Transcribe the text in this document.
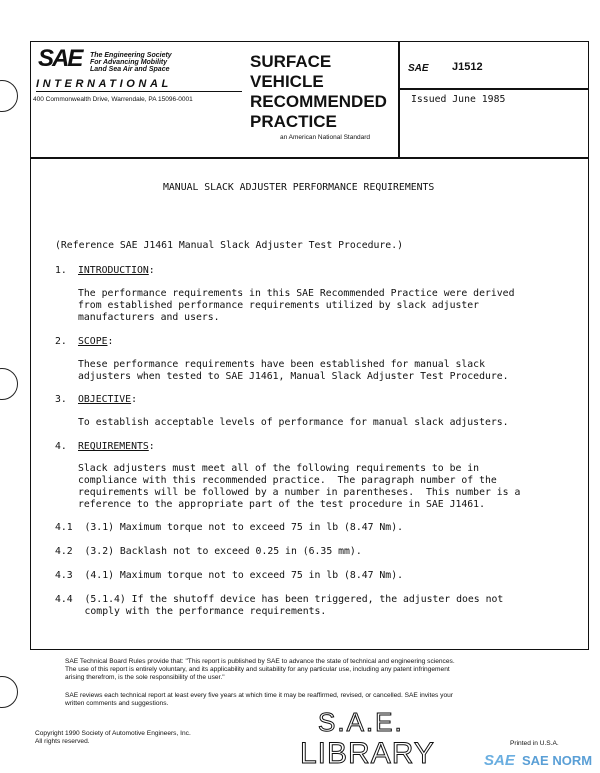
SAE The Engineering Society
For Advancing Mobility
Land Sea Air and Space
INTERNATIONAL
400 Commonwealth Drive, Warrendale, PA 15096-0001
SURFACE
VEHICLE
RECOMMENDED
PRACTICE
an American National Standard
SAE J1512
Issued June 1985
MANUAL SLACK ADJUSTER PERFORMANCE REQUIREMENTS
(Reference SAE J1461 Manual Slack Adjuster Test Procedure.)
1. INTRODUCTION:
The performance requirements in this SAE Recommended Practice were derived
from established performance requirements utilized by slack adjuster
manufacturers and users.
2. SCOPE:
These performance requirements have been established for manual slack
adjusters when tested to SAE J1461, Manual Slack Adjuster Test Procedure.
3. OBJECTIVE:
To establish acceptable levels of performance for manual slack adjusters.
4. REQUIREMENTS:
Slack adjusters must meet all of the following requirements to be in
compliance with this recommended practice.  The paragraph number of the
requirements will be followed by a number in parentheses.  This number is a
reference to the appropriate part of the test procedure in SAE J1461.
4.1 (3.1) Maximum torque not to exceed 75 in lb (8.47 Nm).
4.2 (3.2) Backlash not to exceed 0.25 in (6.35 mm).
4.3 (4.1) Maximum torque not to exceed 75 in lb (8.47 Nm).
4.4 (5.1.4) If the shutoff device has been triggered, the adjuster does not
comply with the performance requirements.
SAE Technical Board Rules provide that: "This report is published by SAE to advance the state of technical and engineering sciences.
The use of this report is entirely voluntary, and its applicability and suitability for any particular use, including any patent infringement
arising therefrom, is the sole responsibility of the user."
SAE reviews each technical report at least every five years at which time it may be reaffirmed, revised, or cancelled. SAE invites your
written comments and suggestions.
Copyright 1990 Society of Automotive Engineers, Inc.
All rights reserved.
S.A.E.
LIBRARY	Printed in U.S.A.
SAE SAE NORM
